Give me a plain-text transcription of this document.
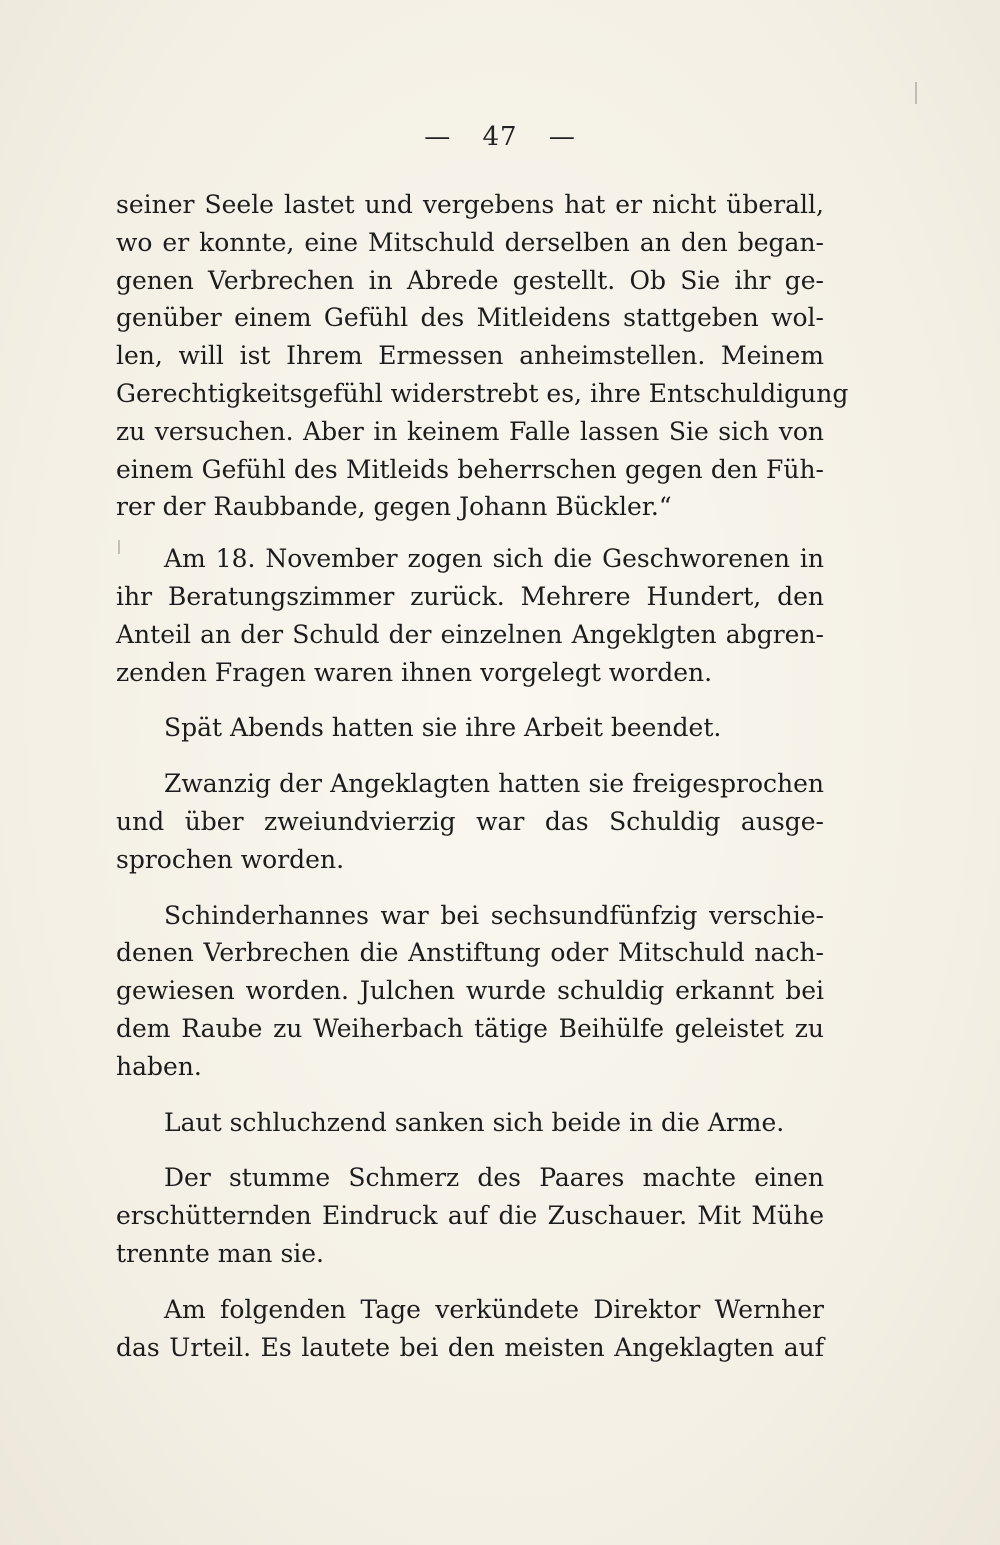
— 47 —
seiner Seele lastet und vergebens hat er nicht überall,
wo er konnte, eine Mitschuld derselben an den began-
genen Verbrechen in Abrede gestellt. Ob Sie ihr ge-
genüber einem Gefühl des Mitleidens stattgeben wol-
len, will ist Ihrem Ermessen anheimstellen. Meinem
Gerechtigkeitsgefühl widerstrebt es, ihre Entschuldigung
zu versuchen. Aber in keinem Falle lassen Sie sich von
einem Gefühl des Mitleids beherrschen gegen den Füh-
rer der Raubbande, gegen Johann Bückler.“
Am 18. November zogen sich die Geschworenen in
ihr Beratungszimmer zurück. Mehrere Hundert, den
Anteil an der Schuld der einzelnen Angeklgten abgren-
zenden Fragen waren ihnen vorgelegt worden.
Spät Abends hatten sie ihre Arbeit beendet.
Zwanzig der Angeklagten hatten sie freigesprochen
und über zweiundvierzig war das Schuldig ausge-
sprochen worden.
Schinderhannes war bei sechsundfünfzig verschie-
denen Verbrechen die Anstiftung oder Mitschuld nach-
gewiesen worden. Julchen wurde schuldig erkannt bei
dem Raube zu Weiherbach tätige Beihülfe geleistet zu
haben.
Laut schluchzend sanken sich beide in die Arme.
Der stumme Schmerz des Paares machte einen
erschütternden Eindruck auf die Zuschauer. Mit Mühe
trennte man sie.
Am folgenden Tage verkündete Direktor Wernher
das Urteil. Es lautete bei den meisten Angeklagten auf
